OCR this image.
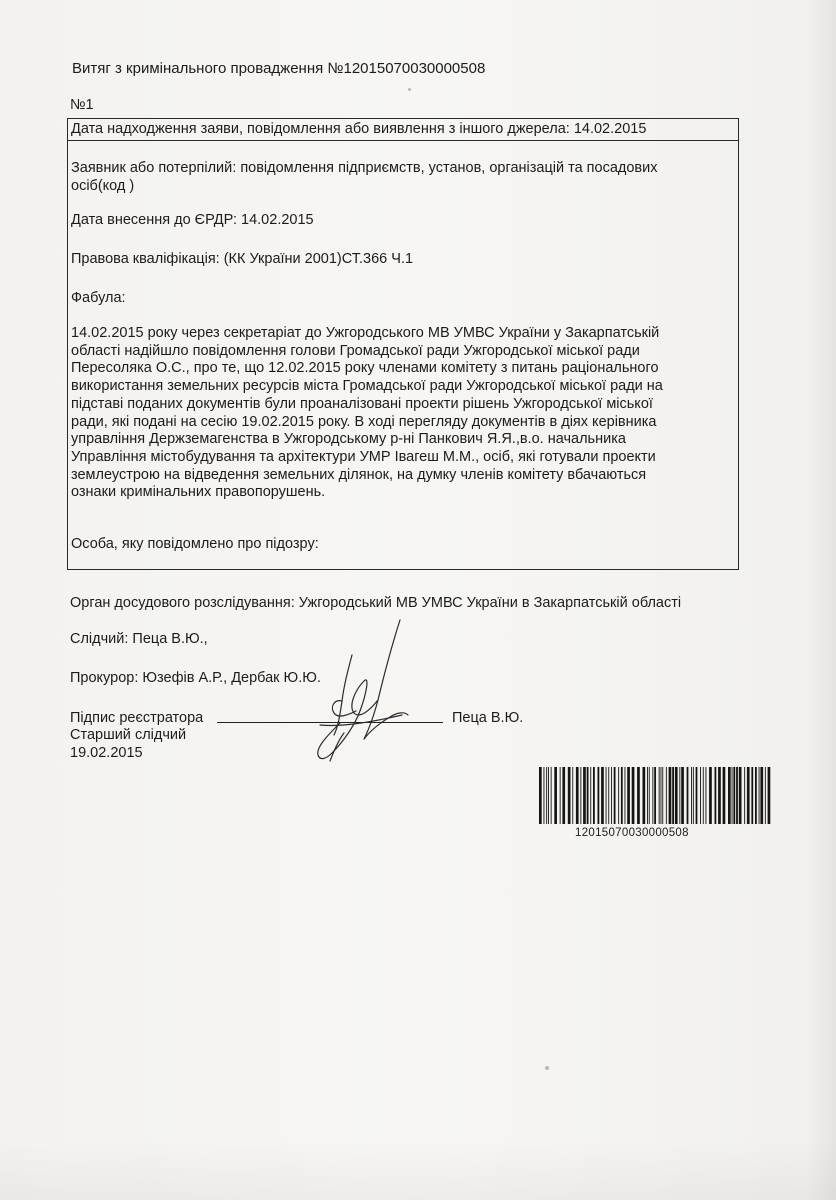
Витяг з кримінального провадження №12015070030000508
№1
Дата надходження заяви, повідомлення або виявлення з іншого джерела: 14.02.2015
Заявник або потерпілий: повідомлення підприємств, установ, організацій та посадових
осіб(код )
Дата внесення до ЄРДР: 14.02.2015
Правова кваліфікація: (КК України 2001)СТ.366 Ч.1
Фабула:
14.02.2015 року через секретаріат до Ужгородського МВ УМВС України у Закарпатській
області надійшло повідомлення голови Громадської ради Ужгородської міської ради
Пересоляка О.С., про те, що 12.02.2015 року членами комітету з питань раціонального
використання земельних ресурсів міста Громадської ради Ужгородської міської ради на
підставі поданих документів були проаналізовані проекти рішень Ужгородської міської
ради, які подані на сесію 19.02.2015 року. В ході перегляду документів в діях керівника
управління Держземагенства в Ужгородському р-ні Панкович Я.Я.,в.о. начальника
Управління містобудування та архітектури УМР Івагеш М.М., осіб, які готували проекти
землеустрою на відведення земельних ділянок, на думку членів комітету вбачаються
ознаки кримінальних правопорушень.
Особа, яку повідомлено про підозру:
Орган досудового розслідування: Ужгородський МВ УМВС України в Закарпатській області
Слідчий: Пеца В.Ю.,
Прокурор: Юзефів А.Р., Дербак Ю.Ю.
Підпис реєстратора	Пеца В.Ю.
Старший слідчий
19.02.2015
12015070030000508
